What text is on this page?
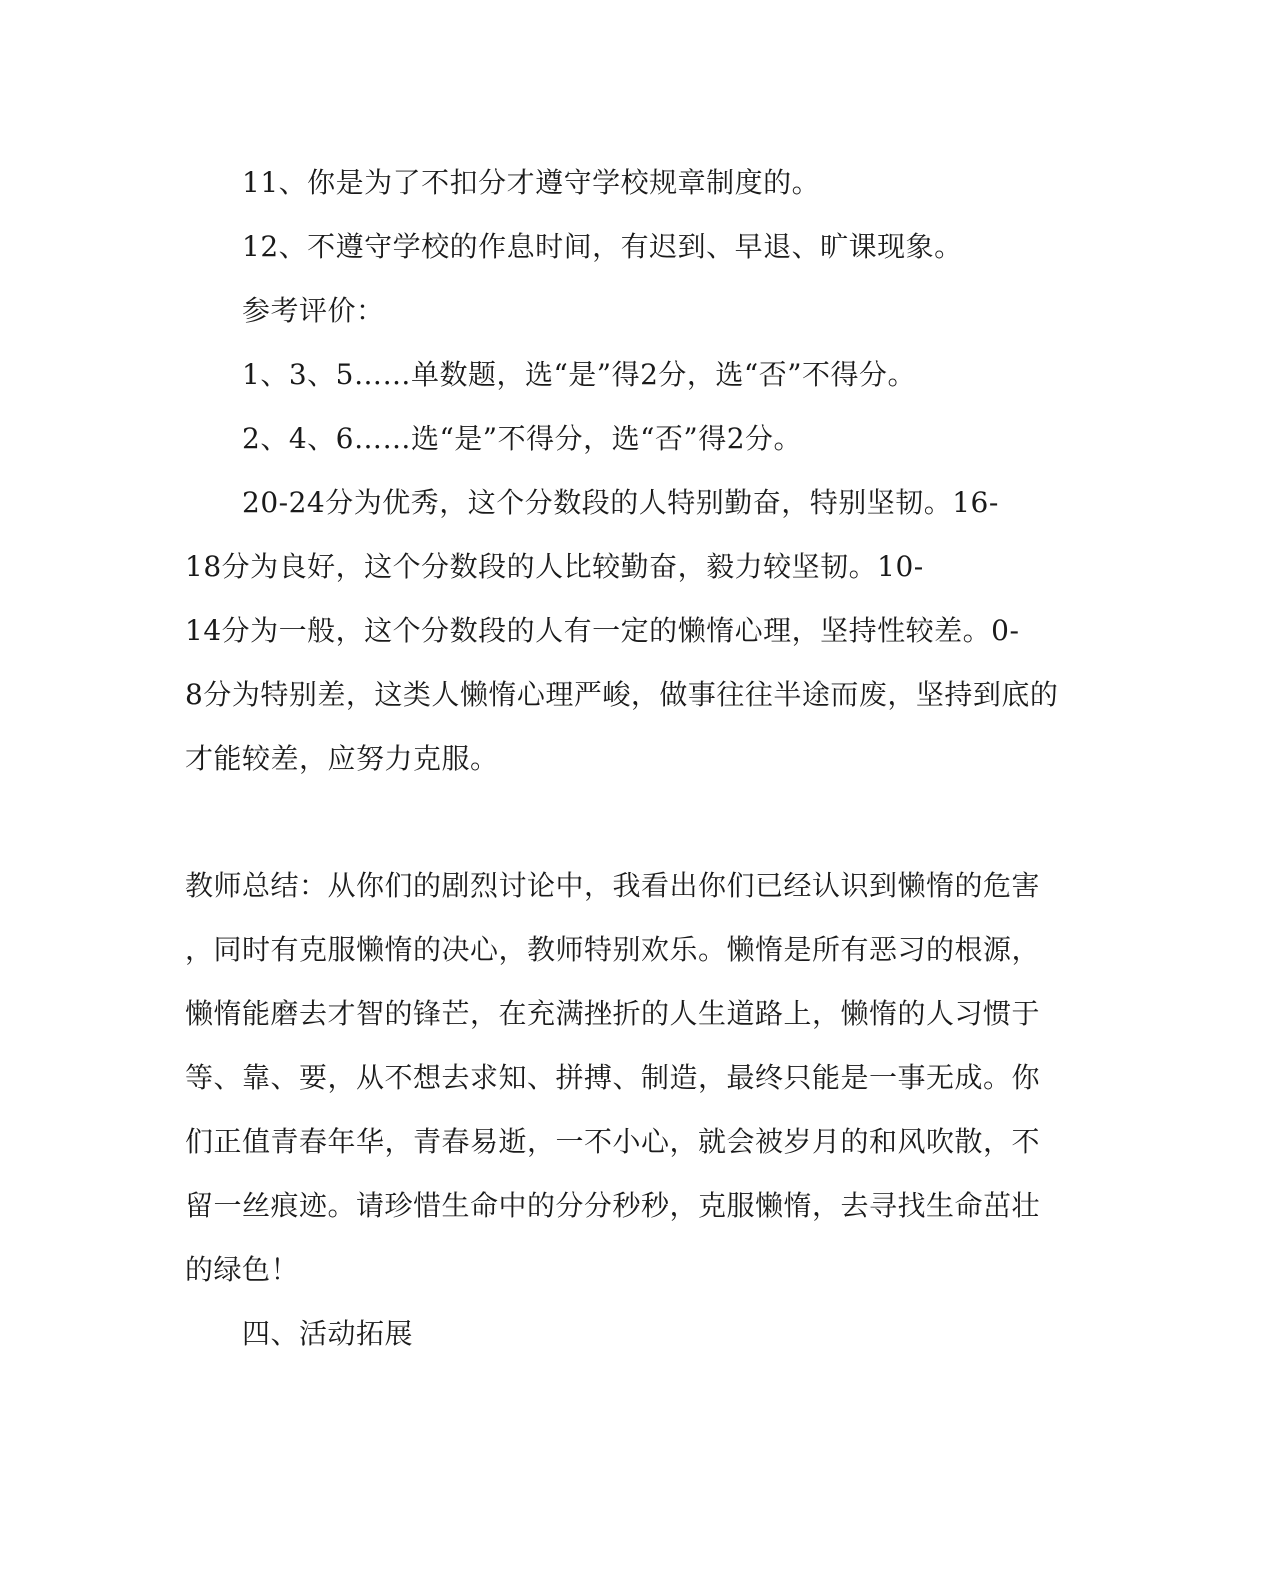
11、你是为了不扣分才遵守学校规章制度的。
12、不遵守学校的作息时间，有迟到、早退、旷课现象。
参考评价：
1、3、5……单数题，选“是”得2分，选“否”不得分。
2、4、6……选“是”不得分，选“否”得2分。
20-24分为优秀，这个分数段的人特别勤奋，特别坚韧。16-
18分为良好，这个分数段的人比较勤奋，毅力较坚韧。10-
14分为一般，这个分数段的人有一定的懒惰心理，坚持性较差。0-
8分为特别差，这类人懒惰心理严峻，做事往往半途而废，坚持到底的
才能较差，应努力克服。
教师总结：从你们的剧烈讨论中，我看出你们已经认识到懒惰的危害
，同时有克服懒惰的决心，教师特别欢乐。懒惰是所有恶习的根源，
懒惰能磨去才智的锋芒，在充满挫折的人生道路上，懒惰的人习惯于
等、靠、要，从不想去求知、拼搏、制造，最终只能是一事无成。你
们正值青春年华，青春易逝，一不小心，就会被岁月的和风吹散，不
留一丝痕迹。请珍惜生命中的分分秒秒，克服懒惰，去寻找生命茁壮
的绿色！
四、活动拓展
